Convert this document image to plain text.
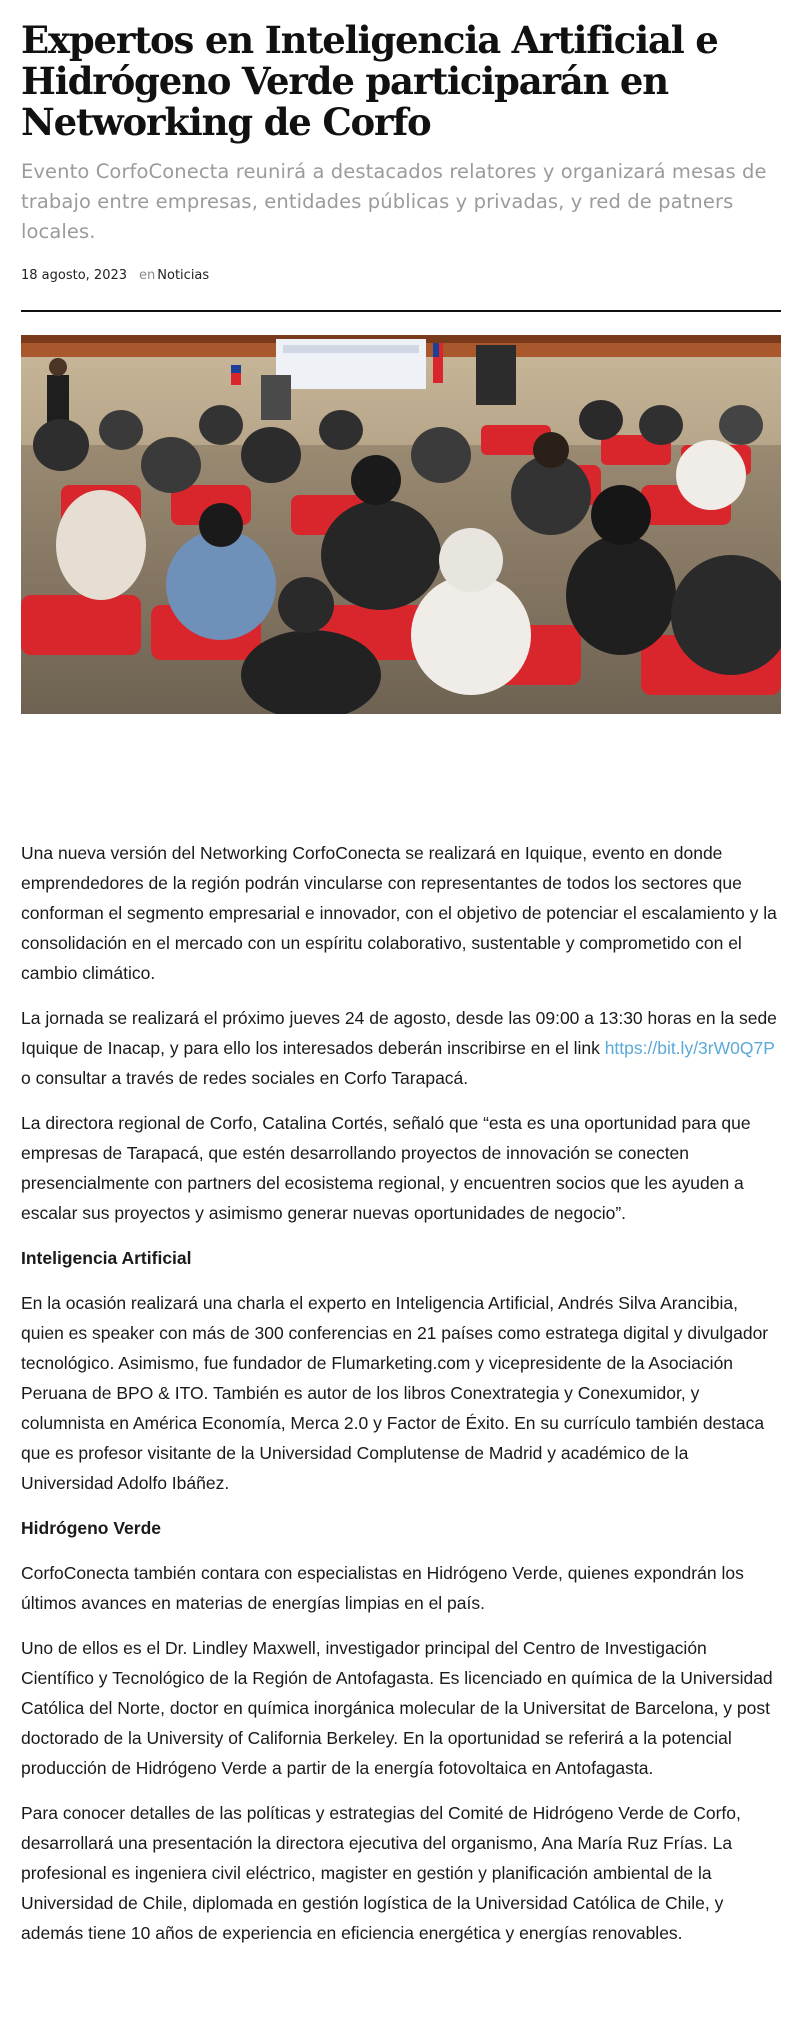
Expertos en Inteligencia Artificial e Hidrógeno Verde participarán en Networking de Corfo
Evento CorfoConecta reunirá a destacados relatores y organizará mesas de trabajo entre empresas, entidades públicas y privadas, y red de patners locales.
18 agosto, 2023 en Noticias

Una nueva versión del Networking CorfoConecta se realizará en Iquique, evento en donde emprendedores de la región podrán vincularse con representantes de todos los sectores que conforman el segmento empresarial e innovador, con el objetivo de potenciar el escalamiento y la consolidación en el mercado con un espíritu colaborativo, sustentable y comprometido con el cambio climático.

La jornada se realizará el próximo jueves 24 de agosto, desde las 09:00 a 13:30 horas en la sede Iquique de Inacap, y para ello los interesados deberán inscribirse en el link https://bit.ly/3rW0Q7P o consultar a través de redes sociales en Corfo Tarapacá.

La directora regional de Corfo, Catalina Cortés, señaló que “esta es una oportunidad para que empresas de Tarapacá, que estén desarrollando proyectos de innovación se conecten presencialmente con partners del ecosistema regional, y encuentren socios que les ayuden a escalar sus proyectos y asimismo generar nuevas oportunidades de negocio”.

Inteligencia Artificial

En la ocasión realizará una charla el experto en Inteligencia Artificial, Andrés Silva Arancibia, quien es speaker con más de 300 conferencias en 21 países como estratega digital y divulgador tecnológico. Asimismo, fue fundador de Flumarketing.com y vicepresidente de la Asociación Peruana de BPO & ITO. También es autor de los libros Conextrategia y Conexumidor, y columnista en América Economía, Merca 2.0 y Factor de Éxito. En su currículo también destaca que es profesor visitante de la Universidad Complutense de Madrid y académico de la Universidad Adolfo Ibáñez.

Hidrógeno Verde

CorfoConecta también contara con especialistas en Hidrógeno Verde, quienes expondrán los últimos avances en materias de energías limpias en el país.

Uno de ellos es el Dr. Lindley Maxwell, investigador principal del Centro de Investigación Científico y Tecnológico de la Región de Antofagasta. Es licenciado en química de la Universidad Católica del Norte, doctor en química inorgánica molecular de la Universitat de Barcelona, y post doctorado de la University of California Berkeley. En la oportunidad se referirá a la potencial producción de Hidrógeno Verde a partir de la energía fotovoltaica en Antofagasta.

Para conocer detalles de las políticas y estrategias del Comité de Hidrógeno Verde de Corfo, desarrollará una presentación la directora ejecutiva del organismo, Ana María Ruz Frías. La profesional es ingeniera civil eléctrico, magister en gestión y planificación ambiental de la Universidad de Chile, diplomada en gestión logística de la Universidad Católica de Chile, y además tiene 10 años de experiencia en eficiencia energética y energías renovables.
